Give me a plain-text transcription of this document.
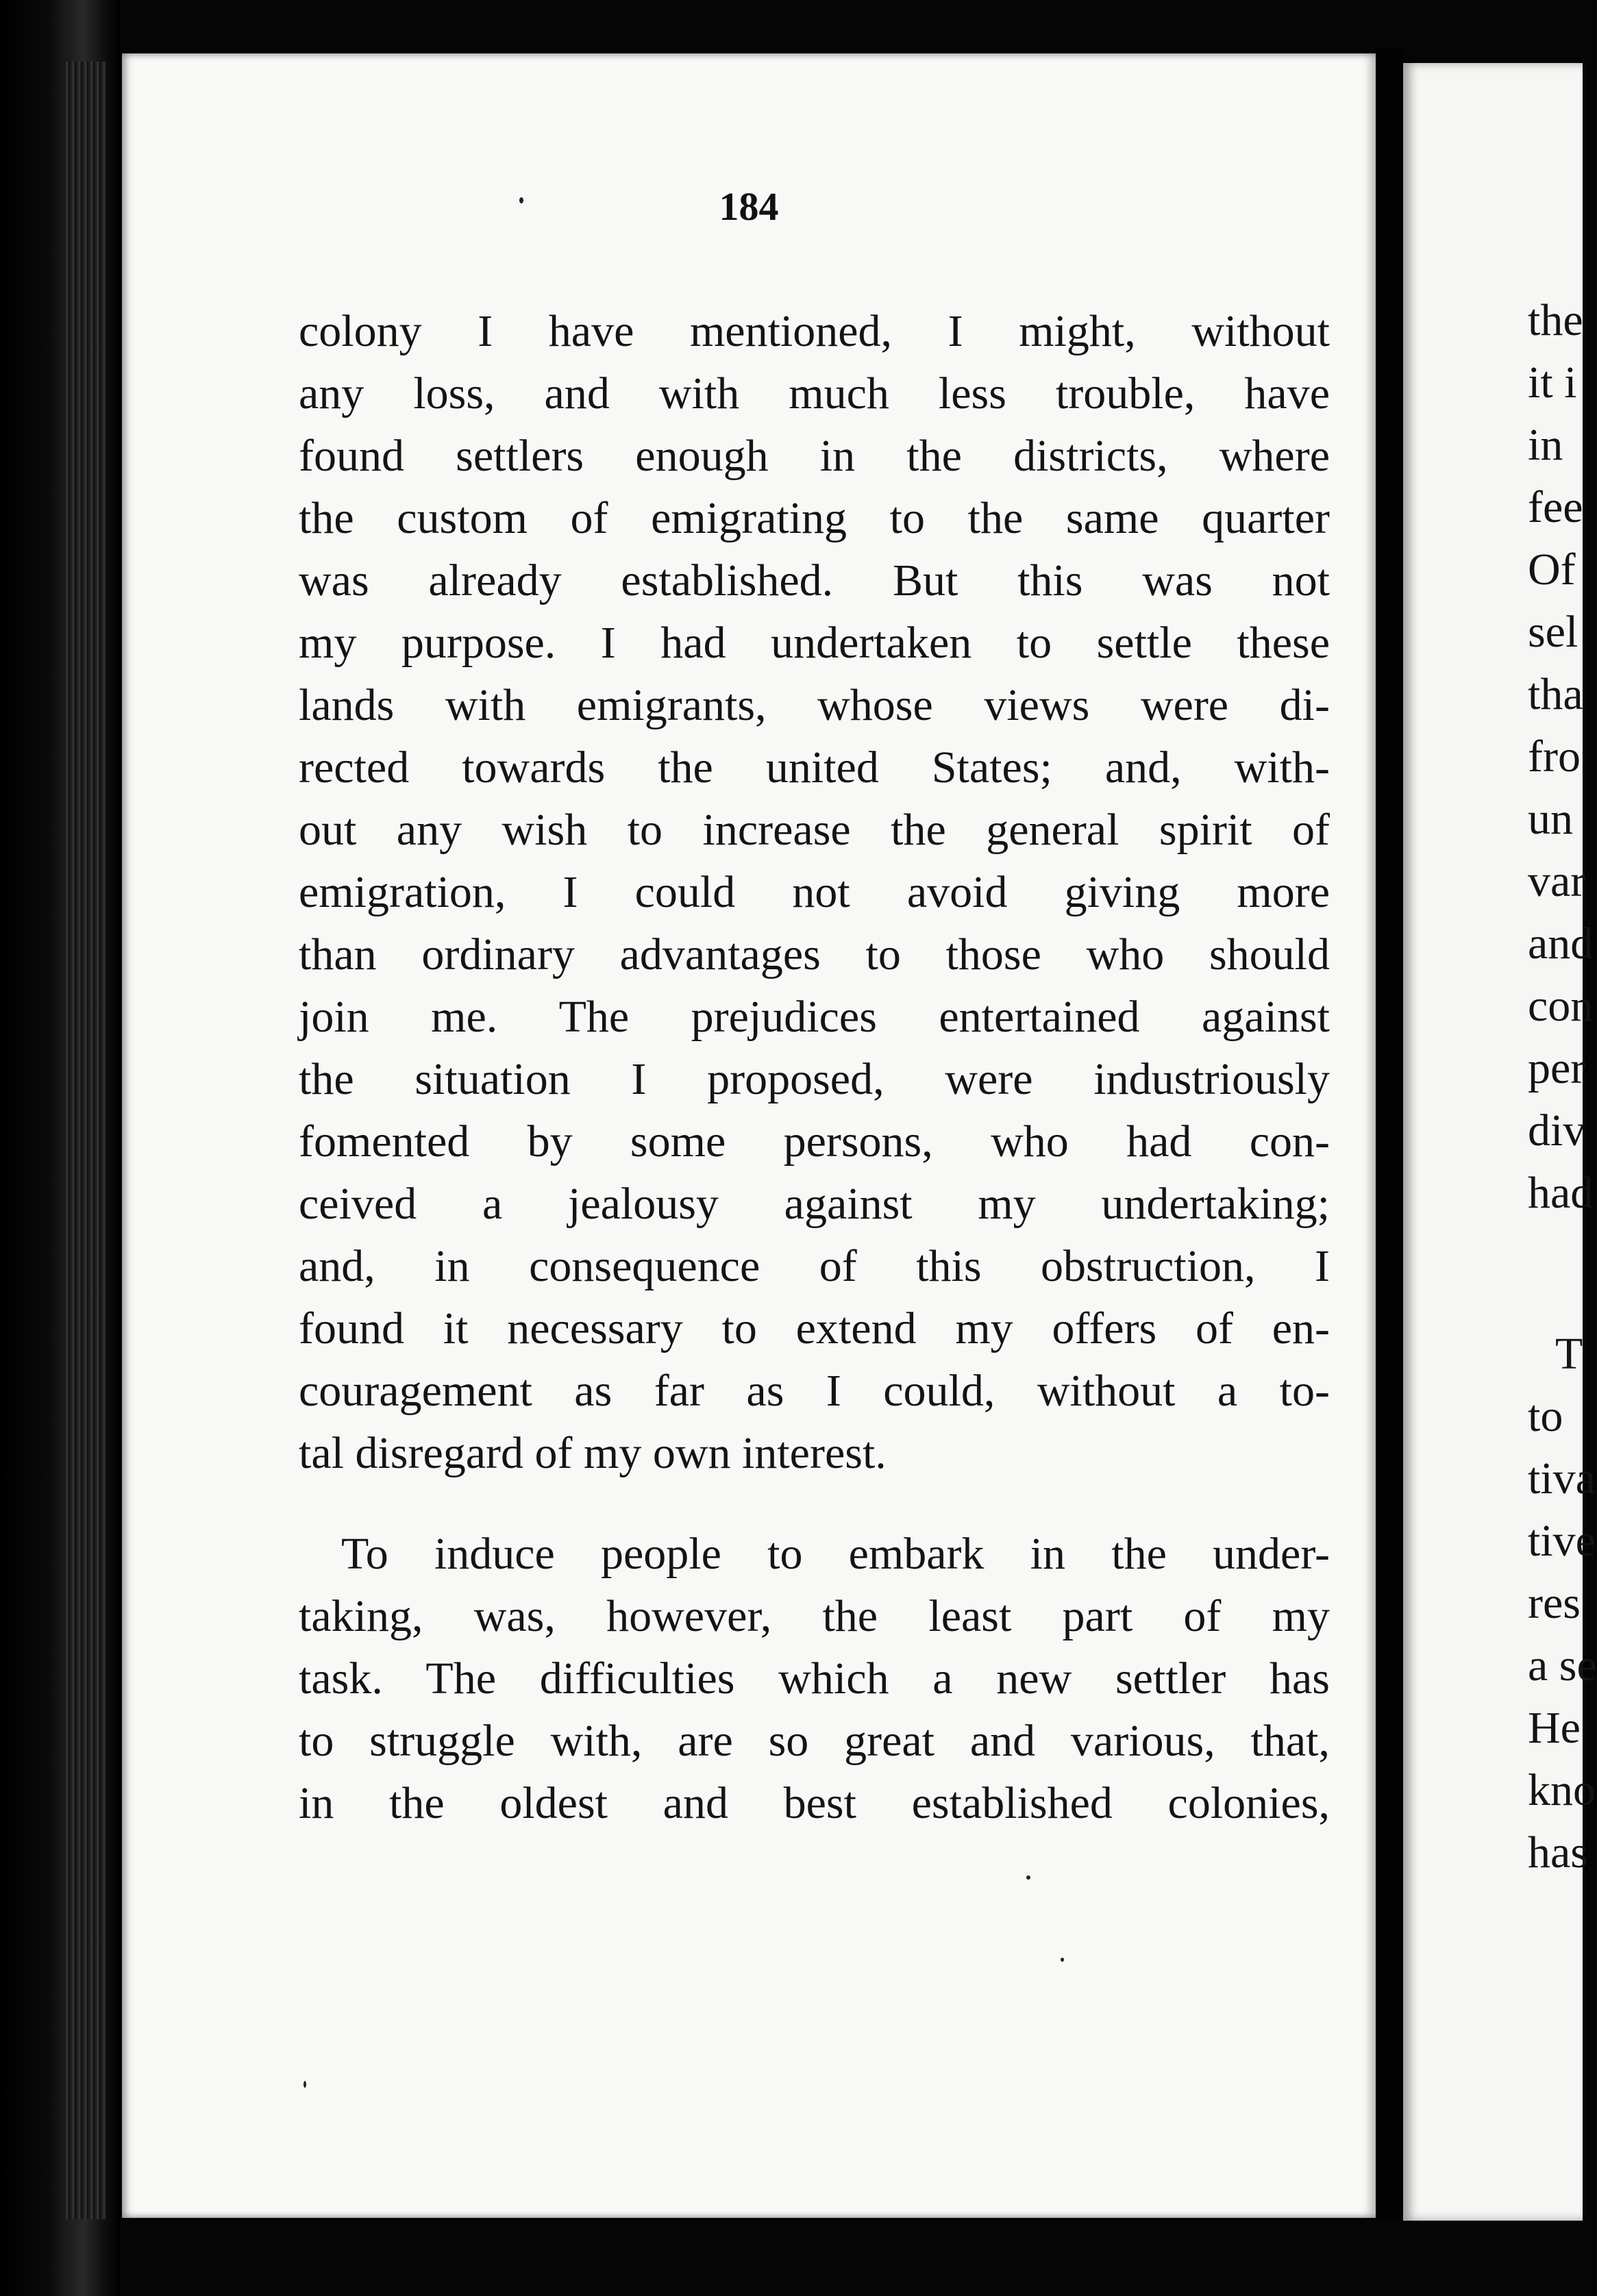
184
colony I have mentioned, I might, without
any loss, and with much less trouble, have
found settlers enough in the districts, where
the custom of emigrating to the same quarter
was already established. But this was not
my purpose. I had undertaken to settle these
lands with emigrants, whose views were di-
rected towards the united States; and, with-
out any wish to increase the general spirit of
emigration, I could not avoid giving more
than ordinary advantages to those who should
join me. The prejudices entertained against
the situation I proposed, were industriously
fomented by some persons, who had con-
ceived a jealousy against my undertaking;
and, in consequence of this obstruction, I
found it necessary to extend my offers of en-
couragement as far as I could, without a to-
tal disregard of my own interest.
To induce people to embark in the under-
taking, was, however, the least part of my
task. The difficulties which a new settler has
to struggle with, are so great and various, that,
in the oldest and best established colonies,
the
it i
in
fee
Of
sel
tha
fro
un
var
and
con
per
div
had
T
to
tiva
tive
res
a se
He
kno
has
